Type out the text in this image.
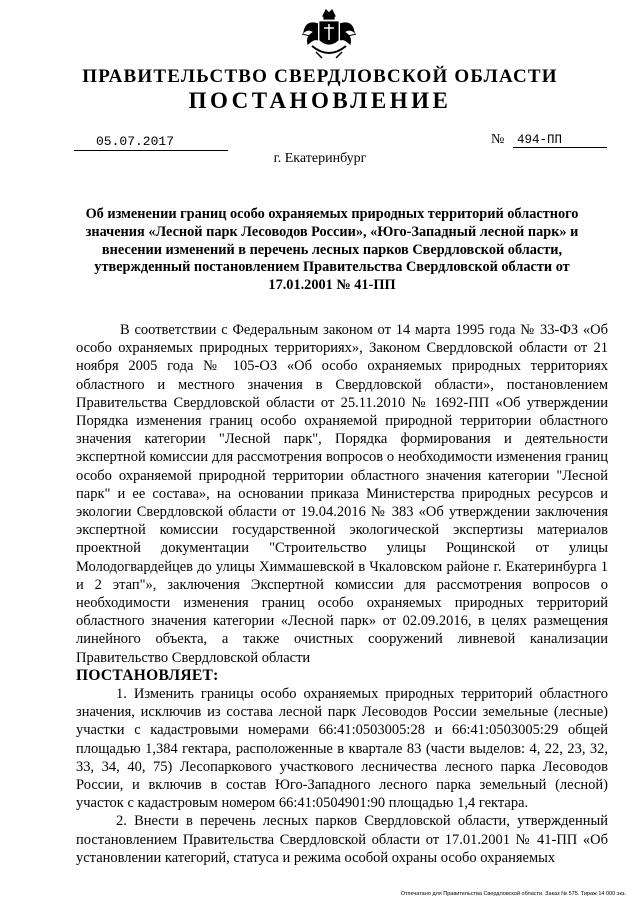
ПРАВИТЕЛЬСТВО СВЕРДЛОВСКОЙ ОБЛАСТИ
ПОСТАНОВЛЕНИЕ
05.07.2017	№ 494-ПП
г. Екатеринбург
Об изменении границ особо охраняемых природных территорий областного значения «Лесной парк Лесоводов России», «Юго-Западный лесной парк» и внесении изменений в перечень лесных парков Свердловской области, утвержденный постановлением Правительства Свердловской области от 17.01.2001 № 41-ПП

В соответствии с Федеральным законом от 14 марта 1995 года № 33-ФЗ «Об особо охраняемых природных территориях», Законом Свердловской области от 21 ноября 2005 года № 105-ОЗ «Об особо охраняемых природных территориях областного и местного значения в Свердловской области», постановлением Правительства Свердловской области от 25.11.2010 № 1692-ПП «Об утверждении Порядка изменения границ особо охраняемой природной территории областного значения категории "Лесной парк", Порядка формирования и деятельности экспертной комиссии для рассмотрения вопросов о необходимости изменения границ особо охраняемой природной территории областного значения категории "Лесной парк" и ее состава», на основании приказа Министерства природных ресурсов и экологии Свердловской области от 19.04.2016 № 383 «Об утверждении заключения экспертной комиссии государственной экологической экспертизы материалов проектной документации "Строительство улицы Рощинской от улицы Молодогвардейцев до улицы Химмашевской в Чкаловском районе г. Екатеринбурга 1 и 2 этап"», заключения Экспертной комиссии для рассмотрения вопросов о необходимости изменения границ особо охраняемых природных территорий областного значения категории «Лесной парк» от 02.09.2016, в целях размещения линейного объекта, а также очистных сооружений ливневой канализации Правительство Свердловской области

ПОСТАНОВЛЯЕТ:

1. Изменить границы особо охраняемых природных территорий областного значения, исключив из состава лесной парк Лесоводов России земельные (лесные) участки с кадастровыми номерами 66:41:0503005:28 и 66:41:0503005:29 общей площадью 1,384 гектара, расположенные в квартале 83 (части выделов: 4, 22, 23, 32, 33, 34, 40, 75) Лесопаркового участкового лесничества лесного парка Лесоводов России, и включив в состав Юго-Западного лесного парка земельный (лесной) участок с кадастровым номером 66:41:0504901:90 площадью 1,4 гектара.

2. Внести в перечень лесных парков Свердловской области, утвержденный постановлением Правительства Свердловской области от 17.01.2001 № 41-ПП «Об установлении категорий, статуса и режима особой охраны особо охраняемых

Отпечатано для Правительства Свердловской области. Заказ № 575. Тираж 14 000 экз.
